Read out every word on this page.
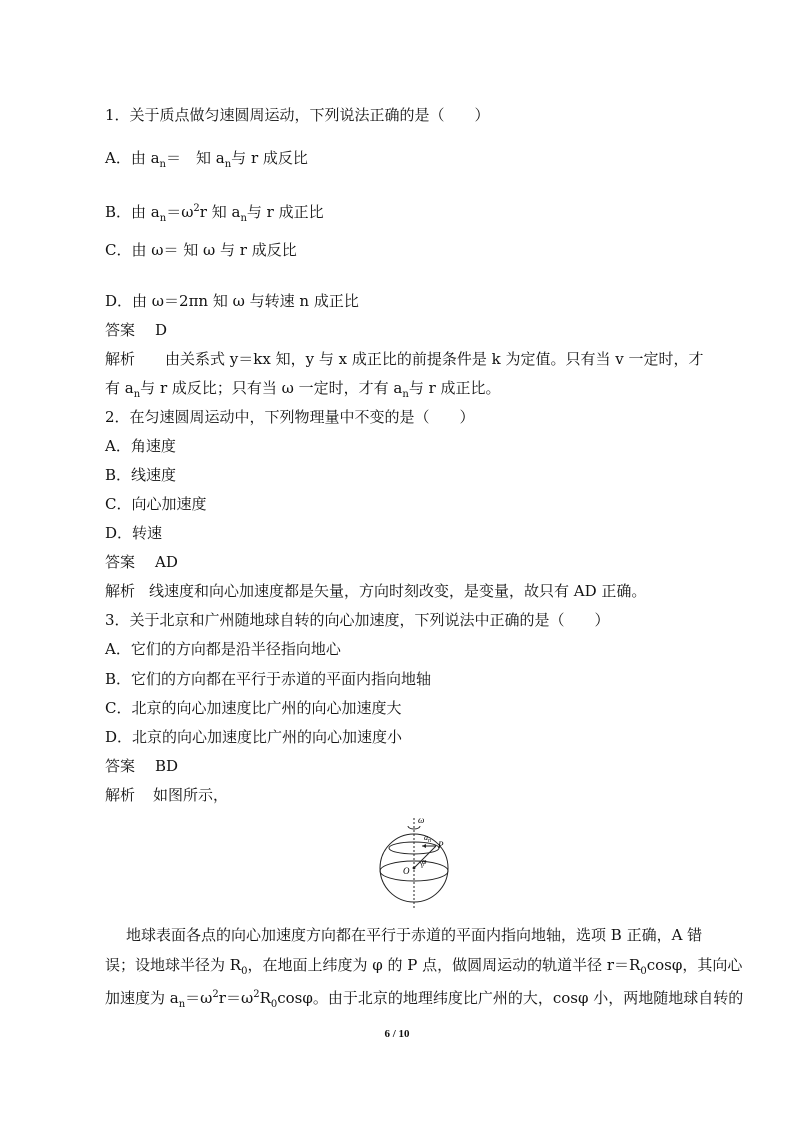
1．关于质点做匀速圆周运动，下列说法正确的是（　　）
A．由 $a_n=$　知 $a_n$与 r 成反比
B．由 $a_n=\omega^2r$ 知 $a_n$与 r 成正比
C．由 ω＝ 知 ω 与 r 成反比
D．由 ω＝2πn 知 ω 与转速 n 成正比
答案 D
解析 由关系式 y＝kx 知，y 与 x 成正比的前提条件是 k 为定值。只有当 v 一定时，才
有 $a_n$与 r 成反比；只有当 ω 一定时，才有 $a_n$与 r 成正比。
2．在匀速圆周运动中，下列物理量中不变的是（　　）
A．角速度
B．线速度
C．向心加速度
D．转速
答案 AD
解析 线速度和向心加速度都是矢量，方向时刻改变，是变量，故只有 AD 正确。
3．关于北京和广州随地球自转的向心加速度，下列说法中正确的是（　　）
A．它们的方向都是沿半径指向地心
B．它们的方向都在平行于赤道的平面内指向地轴
C．北京的向心加速度比广州的向心加速度大
D．北京的向心加速度比广州的向心加速度小
答案 BD
解析 如图所示，
ω
$a_n$ P
O
φ
地球表面各点的向心加速度方向都在平行于赤道的平面内指向地轴，选项 B 正确，A 错
误；设地球半径为 $R_0$，在地面上纬度为 φ 的 P 点，做圆周运动的轨道半径 $r=R_0\cos\varphi$，其向心
加速度为 $a_n=\omega^2r=\omega^2R_0\cos\varphi$。由于北京的地理纬度比广州的大，cosφ 小，两地随地球自转的
6 / 10
